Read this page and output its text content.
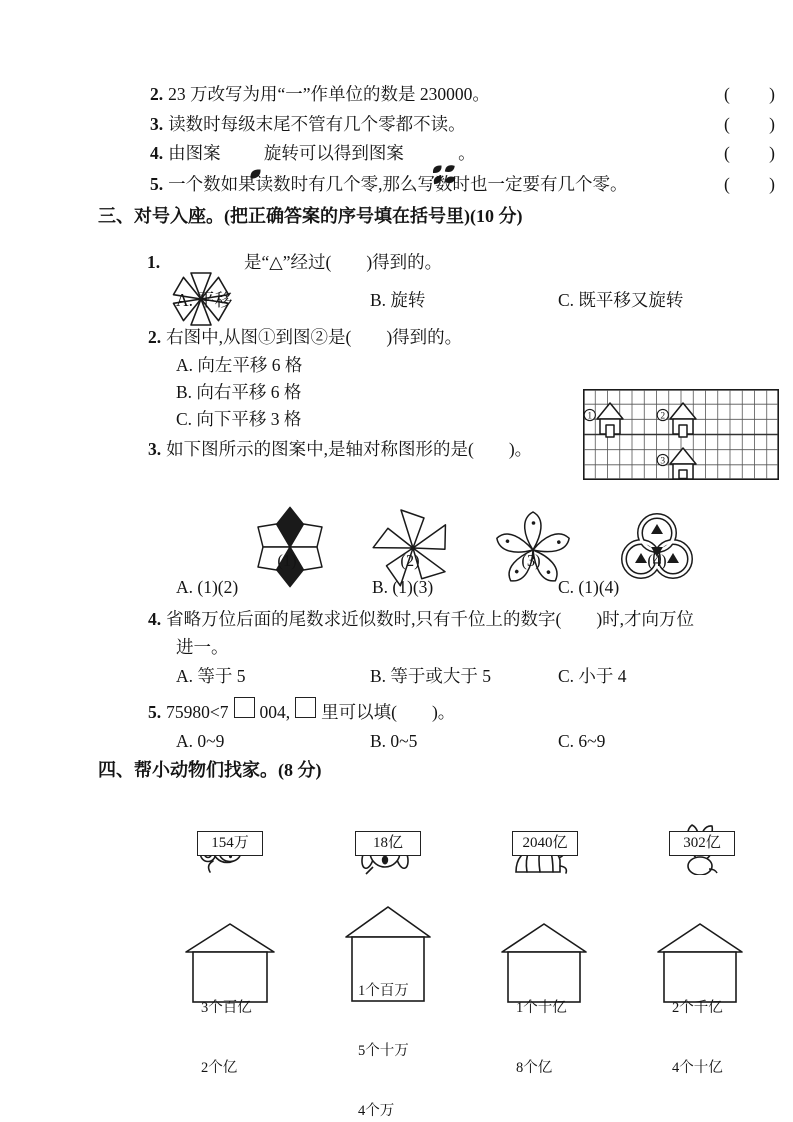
2. 23 万改写为用“一”作单位的数是 230000。	(         )
3. 读数时每级末尾不管有几个零都不读。	(         )
4. 由图案

旋转可以得到图案

	。	(         )
5. 一个数如果读数时有几个零,那么写数时也一定要有几个零。	(         )
三、对号入座。(把正确答案的序号填在括号里)(10 分)
1.

	是“△”经过(        )得到的。
A. 平移	B. 旋转	C. 既平移又旋转
2. 右图中,从图①到图②是(        )得到的。
A. 向左平移 6 格
B. 向右平移 6 格
C. 向下平移 3 格

	1	2
3

3. 如下图所示的图案中,是轴对称图形的是(        )。

(1)	(2)	(3)	(4)
A. (1)(2)	B. (1)(3)	C. (1)(4)
4. 省略万位后面的尾数求近似数时,只有千位上的数字(        )时,才向万位
进一。
A. 等于 5	B. 等于或大于 5	C. 小于 4
5. 75980<7 004, 里可以填(        )。
A. 0~9	B. 0~5	C. 6~9
四、帮小动物们找家。(8 分)

154万	18亿	2040亿	302亿

3个百亿

2个亿

1个百万

5个十万

4个万

1个十亿

8个亿

2个千亿

4个十亿
